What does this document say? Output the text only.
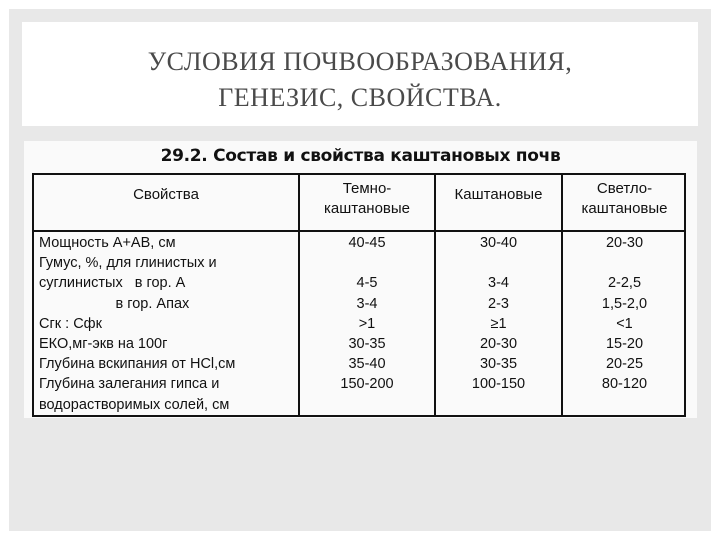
УСЛОВИЯ ПОЧВООБРАЗОВАНИЯ,
ГЕНЕЗИС, СВОЙСТВА.
29.2. Состав и свойства каштановых почв
Свойства	Темно-
каштановые
Каштановые	Светло-
каштановые
Мощность А+АВ, см
Гумус, %, для глинистых и
суглинистых   в гор. А
в гор. Апах
Сгк : Сфк
ЕКО,мг-экв на 100г
Глубина вскипания от HCl,см
Глубина залегания гипса и
водорастворимых солей, см
40-45
4-5
3-4
>1
30-35
35-40
150-200
30-40
3-4
2-3
≥1
20-30
30-35
100-150
20-30
2-2,5
1,5-2,0
<1
15-20
20-25
80-120
